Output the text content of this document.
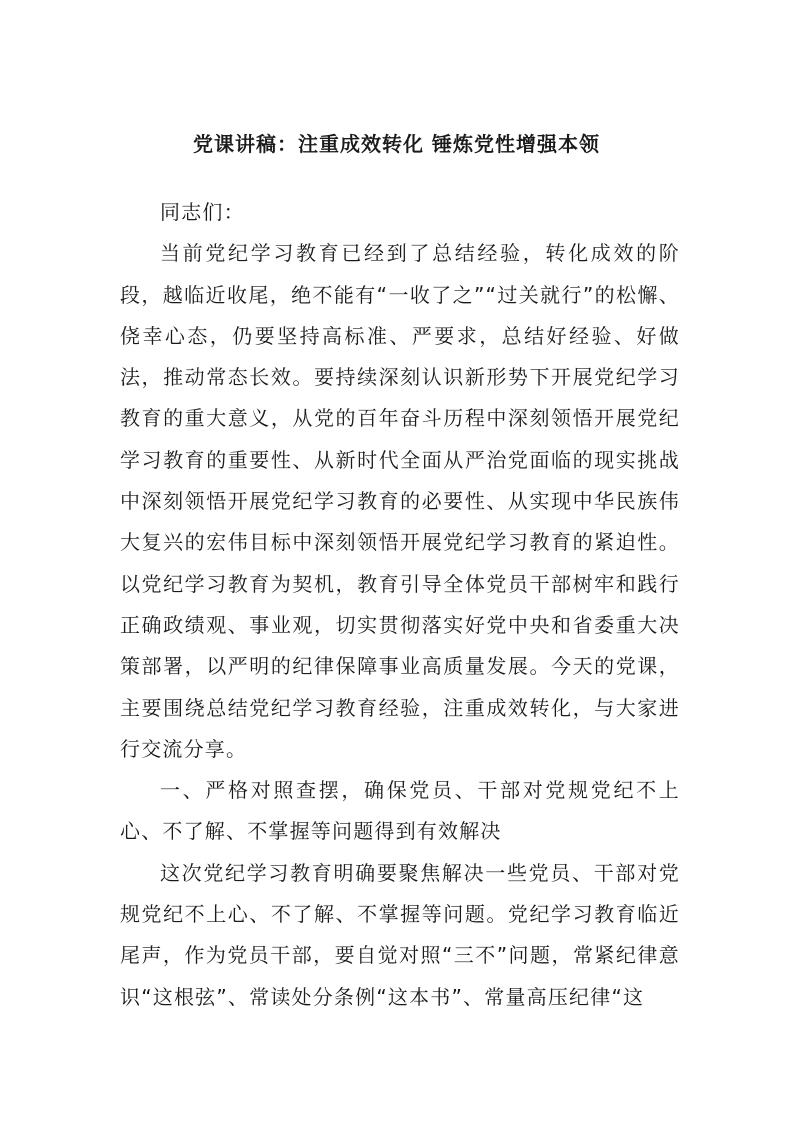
党课讲稿：注重成效转化 锤炼党性增强本领

同志们：

当前党纪学习教育已经到了总结经验，转化成效的阶段，越临近收尾，绝不能有“一收了之”“过关就行”的松懈、侥幸心态，仍要坚持高标准、严要求，总结好经验、好做法，推动常态长效。要持续深刻认识新形势下开展党纪学习教育的重大意义，从党的百年奋斗历程中深刻领悟开展党纪学习教育的重要性、从新时代全面从严治党面临的现实挑战中深刻领悟开展党纪学习教育的必要性、从实现中华民族伟大复兴的宏伟目标中深刻领悟开展党纪学习教育的紧迫性。以党纪学习教育为契机，教育引导全体党员干部树牢和践行正确政绩观、事业观，切实贯彻落实好党中央和省委重大决策部署，以严明的纪律保障事业高质量发展。今天的党课，主要围绕总结党纪学习教育经验，注重成效转化，与大家进行交流分享。

一、严格对照查摆，确保党员、干部对党规党纪不上心、不了解、不掌握等问题得到有效解决

这次党纪学习教育明确要聚焦解决一些党员、干部对党规党纪不上心、不了解、不掌握等问题。党纪学习教育临近尾声，作为党员干部，要自觉对照“三不”问题，常紧纪律意识“这根弦”、常读处分条例“这本书”、常量高压纪律“这
